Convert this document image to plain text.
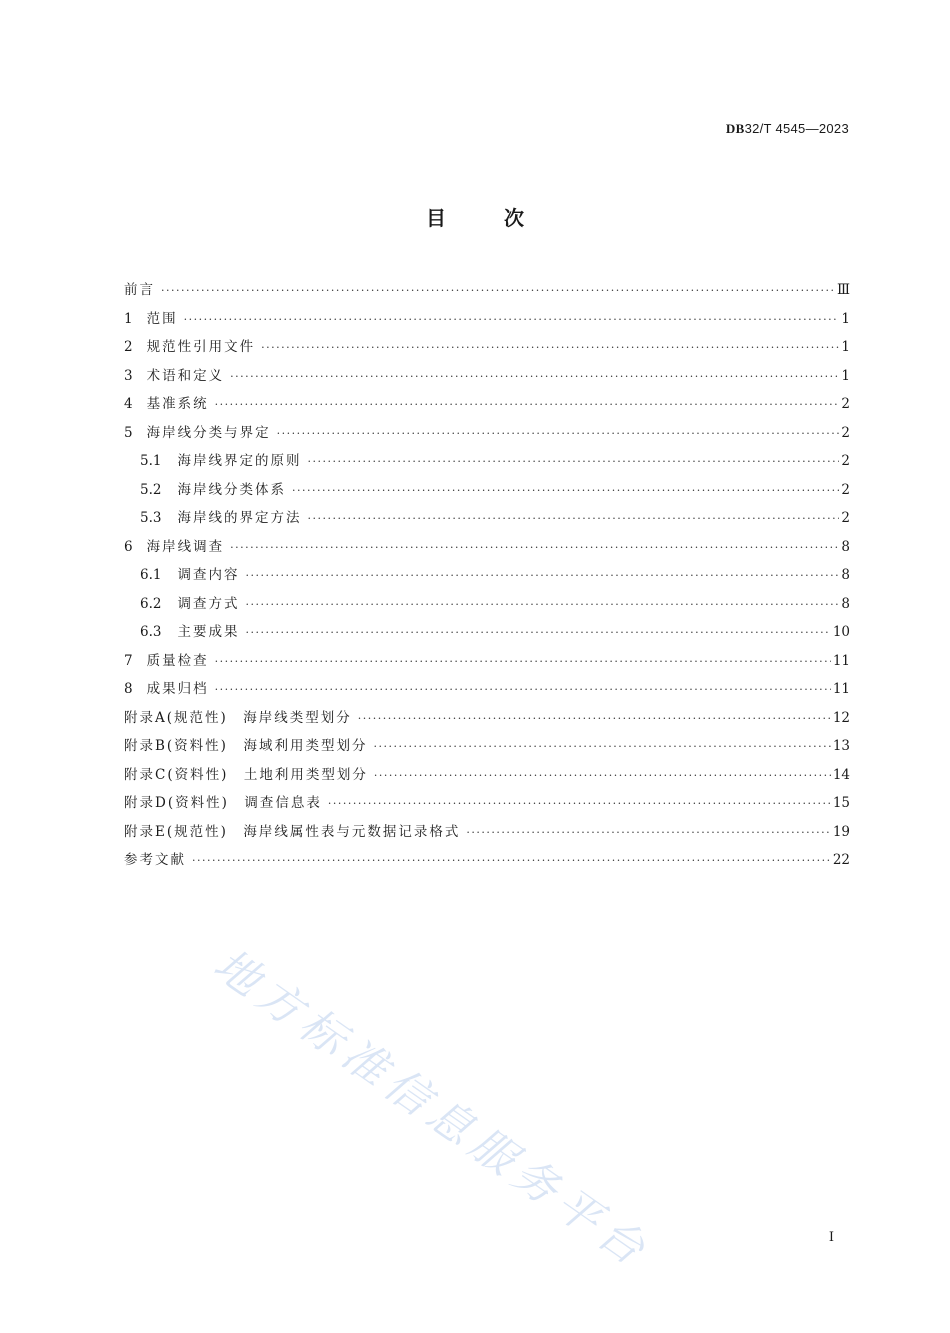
DB32/T 4545—2023
目次
前言 ·····	Ⅲ
1 范围 ·····	1
2 规范性引用文件 ·····	1
3 术语和定义 ·····	1
4 基准系统 ·····	2
5 海岸线分类与界定 ·····	2
5.1 海岸线界定的原则 ·····	2
5.2 海岸线分类体系 ·····	2
5.3 海岸线的界定方法 ·····	2
6 海岸线调查 ·····	8
6.1 调查内容 ·····	8
6.2 调查方式 ·····	8
6.3 主要成果 ·····	10
7 质量检查 ·····	11
8 成果归档 ·····	11
附录A(规范性)　海岸线类型划分 ·····	12
附录B(资料性)　海域利用类型划分 ·····	13
附录C(资料性)　土地利用类型划分 ·····	14
附录D(资料性)　调查信息表 ·····	15
附录E(规范性)　海岸线属性表与元数据记录格式 ·····	19
参考文献 ·····	22
I
地方标准信息服务平台
